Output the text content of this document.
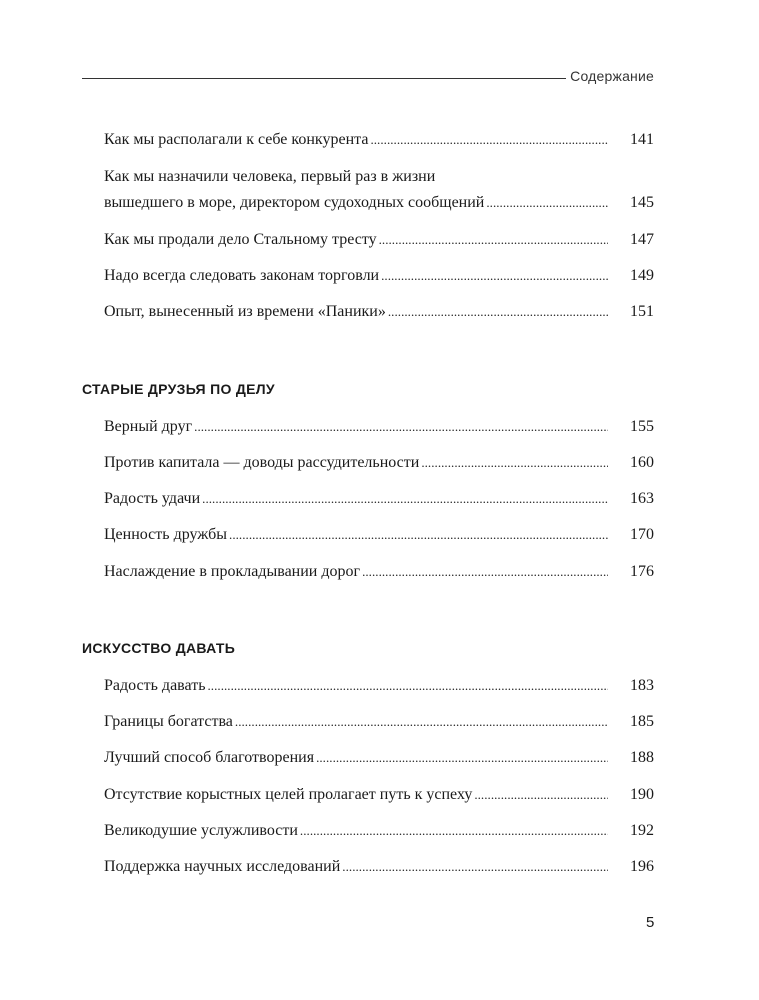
Содержание
Как мы располагали к себе конкурента . . .	141
Как мы назначили человека, первый раз в жизни
вышедшего в море, директором судоходных сообщений . . .	145
Как мы продали дело Стальному тресту . . .	147
Надо всегда следовать законам торговли . . .	149
Опыт, вынесенный из времени «Паники» . . .	151
СТАРЫЕ ДРУЗЬЯ ПО ДЕЛУ
Верный друг . . .	155
Против капитала — доводы рассудительности . . .	160
Радость удачи . . .	163
Ценность дружбы . . .	170
Наслаждение в прокладывании дорог . . .	176
ИСКУССТВО ДАВАТЬ
Радость давать . . .	183
Границы богатства . . .	185
Лучший способ благотворения . . .	188
Отсутствие корыстных целей пролагает путь к успеху . . .	190
Великодушие услужливости . . .	192
Поддержка научных исследований . . .	196
5
